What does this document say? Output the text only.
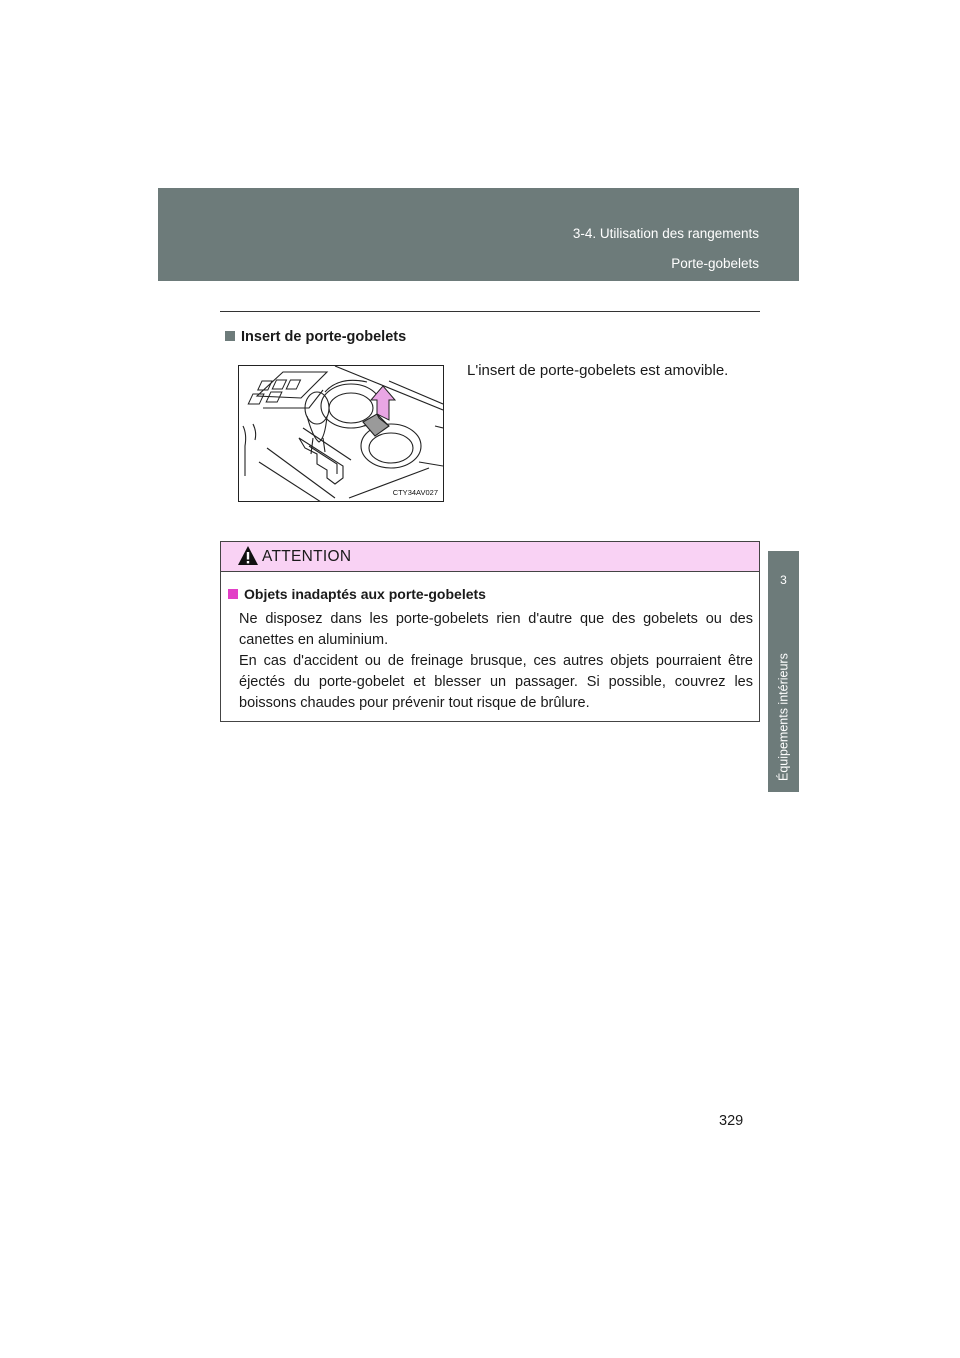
3-4. Utilisation des rangements
Porte-gobelets
3
Équipements intérieurs
Insert de porte-gobelets
L'insert de porte-gobelets est amovible.
CTY34AV027
ATTENTION
Objets inadaptés aux porte-gobelets

Ne disposez dans les porte-gobelets rien d'autre que des gobelets ou des canettes en aluminium.

En cas d'accident ou de freinage brusque, ces autres objets pourraient être éjectés du porte-gobelet et blesser un passager. Si possible, couvrez les boissons chaudes pour prévenir tout risque de brûlure.

329
